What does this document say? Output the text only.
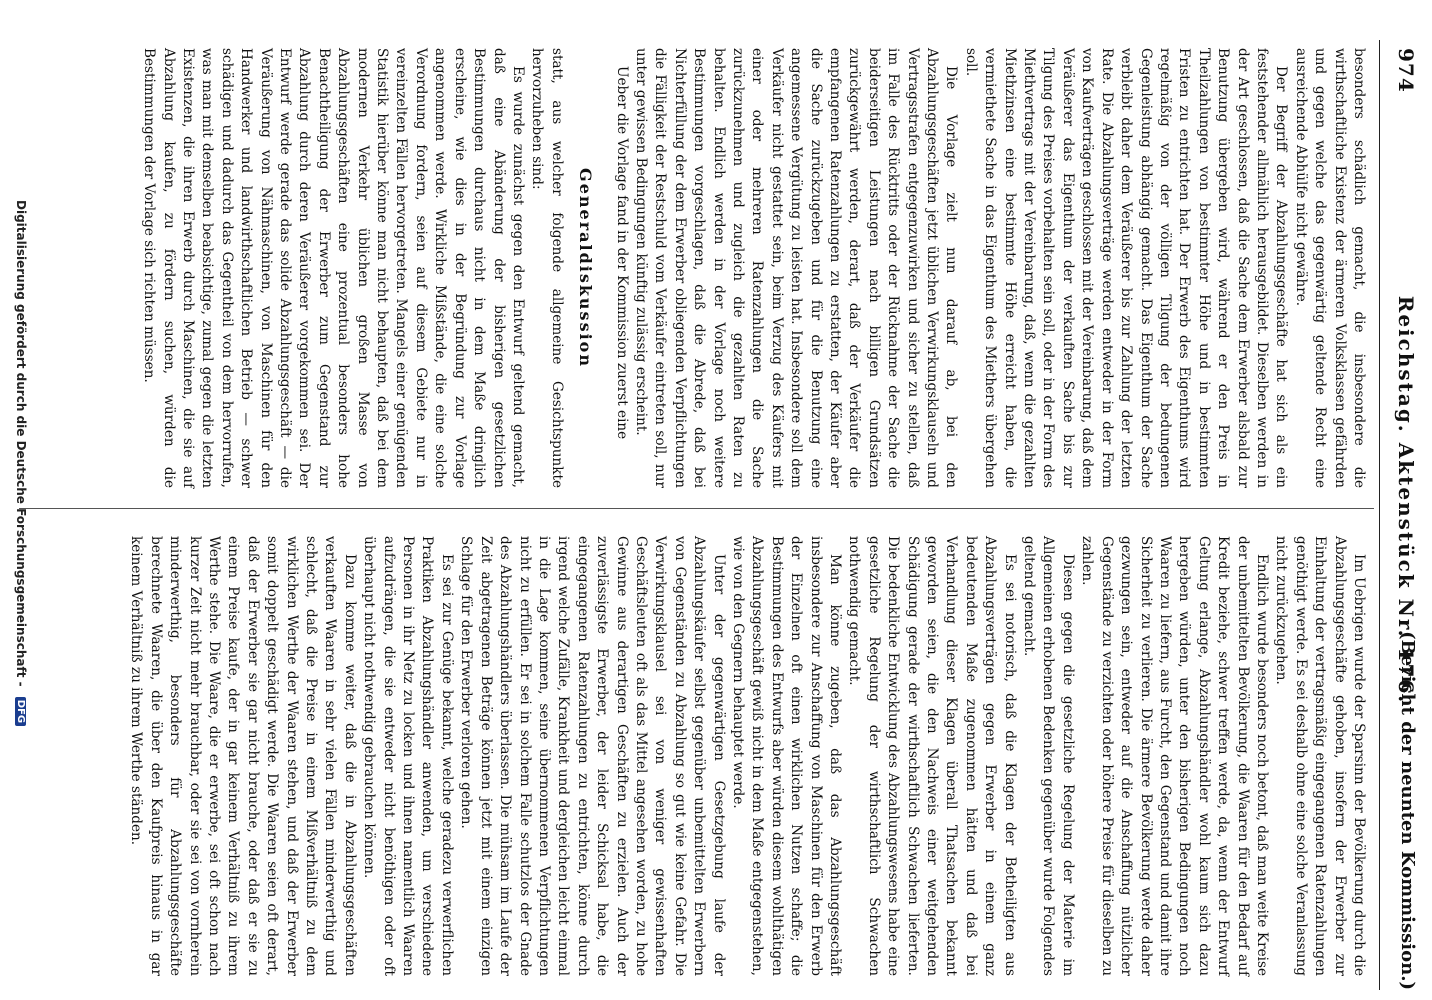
974
Reichstag. Aktenstück Nr. 176.
(Bericht der neunten Kommission.)

besonders schädlich gemacht, die insbesondere die wirthschaftliche Existenz der ärmeren Volksklassen gefährden und gegen welche das gegenwärtig geltende Recht eine ausreichende Abhülfe nicht gewähre.

Der Begriff der Abzahlungsgeschäfte hat sich als ein feststehender allmählich herausgebildet. Dieselben werden in der Art geschlossen, daß die Sache dem Erwerber alsbald zur Benutzung übergeben wird, während er den Preis in Theilzahlungen von bestimmter Höhe und in bestimmten Fristen zu entrichten hat. Der Erwerb des Eigenthums wird regelmäßig von der völligen Tilgung der bedungenen Gegenleistung abhängig gemacht. Das Eigenthum der Sache verbleibt daher dem Veräußerer bis zur Zahlung der letzten Rate. Die Abzahlungsverträge werden entweder in der Form von Kaufverträgen geschlossen mit der Vereinbarung, daß dem Veräußerer das Eigenthum der verkauften Sache bis zur Tilgung des Preises vorbehalten sein soll, oder in der Form des Miethvertrags mit der Vereinbarung, daß, wenn die gezahlten Miethzinsen eine bestimmte Höhe erreicht haben, die vermiethete Sache in das Eigenthum des Miethers übergehen soll.

Die Vorlage zielt nun darauf ab, bei den Abzahlungsgeschäften jetzt üblichen Verwirkungsklauseln und Vertragsstrafen entgegenzuwirken und sicher zu stellen, daß im Falle des Rücktritts oder der Rücknahme der Sache die beiderseitigen Leistungen nach billigen Grundsätzen zurückgewährt werden, derart, daß der Verkäufer die empfangenen Ratenzahlungen zu erstatten, der Käufer aber die Sache zurückzugeben und für die Benutzung eine angemessene Vergütung zu leisten hat. Insbesondere soll dem Verkäufer nicht gestattet sein, beim Verzug des Käufers mit einer oder mehreren Ratenzahlungen die Sache zurückzunehmen und zugleich die gezahlten Raten zu behalten. Endlich werden in der Vorlage noch weitere Bestimmungen vorgeschlagen, daß die Abrede, daß bei Nichterfüllung der dem Erwerber obliegenden Verpflichtungen die Fälligkeit der Restschuld vom Verkäufer eintreten soll, nur unter gewissen Bedingungen künftig zulässig erscheint.

Ueber die Vorlage fand in der Kommission zuerst eine

Generaldiskussion

statt, aus welcher folgende allgemeine Gesichtspunkte hervorzuheben sind:

Es wurde zunächst gegen den Entwurf geltend gemacht, daß eine Abänderung der bisherigen gesetzlichen Bestimmungen durchaus nicht in dem Maße dringlich erscheine, wie dies in der Begründung zur Vorlage angenommen werde. Wirkliche Mißstände, die eine solche Verordnung fordern, seien auf diesem Gebiete nur in vereinzelten Fällen hervorgetreten. Mangels einer genügenden Statistik hierüber könne man nicht behaupten, daß bei dem modernen Verkehr üblichen großen Masse von Abzahlungsgeschäften eine prozentual besonders hohe Benachtheiligung der Erwerber zum Gegenstand zur Abzahlung durch deren Veräußerer vorgekommen sei. Der Entwurf werde gerade das solide Abzahlungsgeschäft — die Veräußerung von Nähmaschinen, von Maschinen für den Handwerker und landwirthschaftlichen Betrieb — schwer schädigen und dadurch das Gegentheil von dem hervorrufen, was man mit demselben beabsichtige, zumal gegen die letzten Existenzen, die ihren Erwerb durch Maschinen, die sie auf Abzahlung kaufen, zu fördern suchen, würden die Bestimmungen der Vorlage sich richten müssen.

Im Uebrigen wurde der Sparsinn der Bevölkerung durch die Abzahlungsgeschäfte gehoben, insofern der Erwerber zur Einhaltung der vertragsmäßig eingegangenen Ratenzahlungen genöthigt werde. Es sei deshalb ohne eine solche Veranlassung nicht zurückzugehen.

Endlich wurde besonders noch betont, daß man weite Kreise der unbemittelten Bevölkerung, die Waaren für den Bedarf auf Kredit beziehe, schwer treffen werde, da, wenn der Entwurf Geltung erlange, Abzahlungshändler wohl kaum sich dazu hergeben würden, unter den bisherigen Bedingungen noch Waaren zu liefern, aus Furcht, den Gegenstand und damit ihre Sicherheit zu verlieren. Die ärmere Bevölkerung werde daher gezwungen sein, entweder auf die Anschaffung nützlicher Gegenstände zu verzichten oder höhere Preise für dieselben zu zahlen.

Diesen gegen die gesetzliche Regelung der Materie im Allgemeinen erhobenen Bedenken gegenüber wurde Folgendes geltend gemacht.

Es sei notorisch, daß die Klagen der Betheiligten aus Abzahlungsverträgen gegen Erwerber in einem ganz bedeutenden Maße zugenommen hätten und daß bei Verhandlung dieser Klagen überall Thatsachen bekannt geworden seien, die den Nachweis einer weitgehenden Schädigung gerade der wirthschaftlich Schwachen lieferten. Die bedenkliche Entwicklung des Abzahlungswesens habe eine gesetzliche Regelung der wirthschaftlich Schwachen nothwendig gemacht.

Man könne zugeben, daß das Abzahlungsgeschäft insbesondere zur Anschaffung von Maschinen für den Erwerb der Einzelnen oft einen wirklichen Nutzen schaffe; die Bestimmungen des Entwurfs aber würden diesem wohlthätigen Abzahlungsgeschäft gewiß nicht in dem Maße entgegenstehen, wie von den Gegnern behauptet werde.

Unter der gegenwärtigen Gesetzgebung laufe der Abzahlungskäufer selbst gegenüber unbemittelten Erwerbern von Gegenständen zu Abzahlung so gut wie keine Gefahr. Die Verwirkungsklausel sei von weniger gewissenhaften Geschäftsleuten oft als das Mittel angesehen worden, zu hohe Gewinne aus derartigen Geschäften zu erzielen. Auch der zuverlässigste Erwerber, der leider Schicksal habe, die eingegangenen Ratenzahlungen zu entrichten, könne durch irgend welche Zufälle, Krankheit und dergleichen leicht einmal in die Lage kommen, seine übernommenen Verpflichtungen nicht zu erfüllen. Er sei in solchem Falle schutzlos der Gnade des Abzahlungshändlers überlassen. Die mühsam im Laufe der Zeit abgetragenen Beträge können jetzt mit einem einzigen Schlage für den Erwerber verloren gehen.

Es sei zur Genüge bekannt, welche geradezu verwerflichen Praktiken Abzahlungshändler anwenden, um verschiedene Personen in ihr Netz zu locken und ihnen namentlich Waaren aufzudrängen, die sie entweder nicht benöthigen oder oft überhaupt nicht nothwendig gebrauchen können.

Dazu komme weiter, daß die in Abzahlungsgeschäften verkauften Waaren in sehr vielen Fällen minderwerthig und schlecht, daß die Preise in einem Mißverhältniß zu dem wirklichen Werthe der Waaren stehen, und daß der Erwerber somit doppelt geschädigt werde. Die Waaren seien oft derart, daß der Erwerber sie gar nicht brauche, oder daß er sie zu einem Preise kaufe, der in gar keinem Verhältniß zu ihrem Werthe stehe. Die Waare, die er erwerbe, sei oft schon nach kurzer Zeit nicht mehr brauchbar, oder sie sei von vornherein minderwerthig, besonders für Abzahlungsgeschäfte berechnete Waaren, die über den Kaufpreis hinaus in gar keinem Verhältniß zu ihrem Werthe ständen.

Digitalisierung gefördert durch die Deutsche Forschungsgemeinschaft - DFG
